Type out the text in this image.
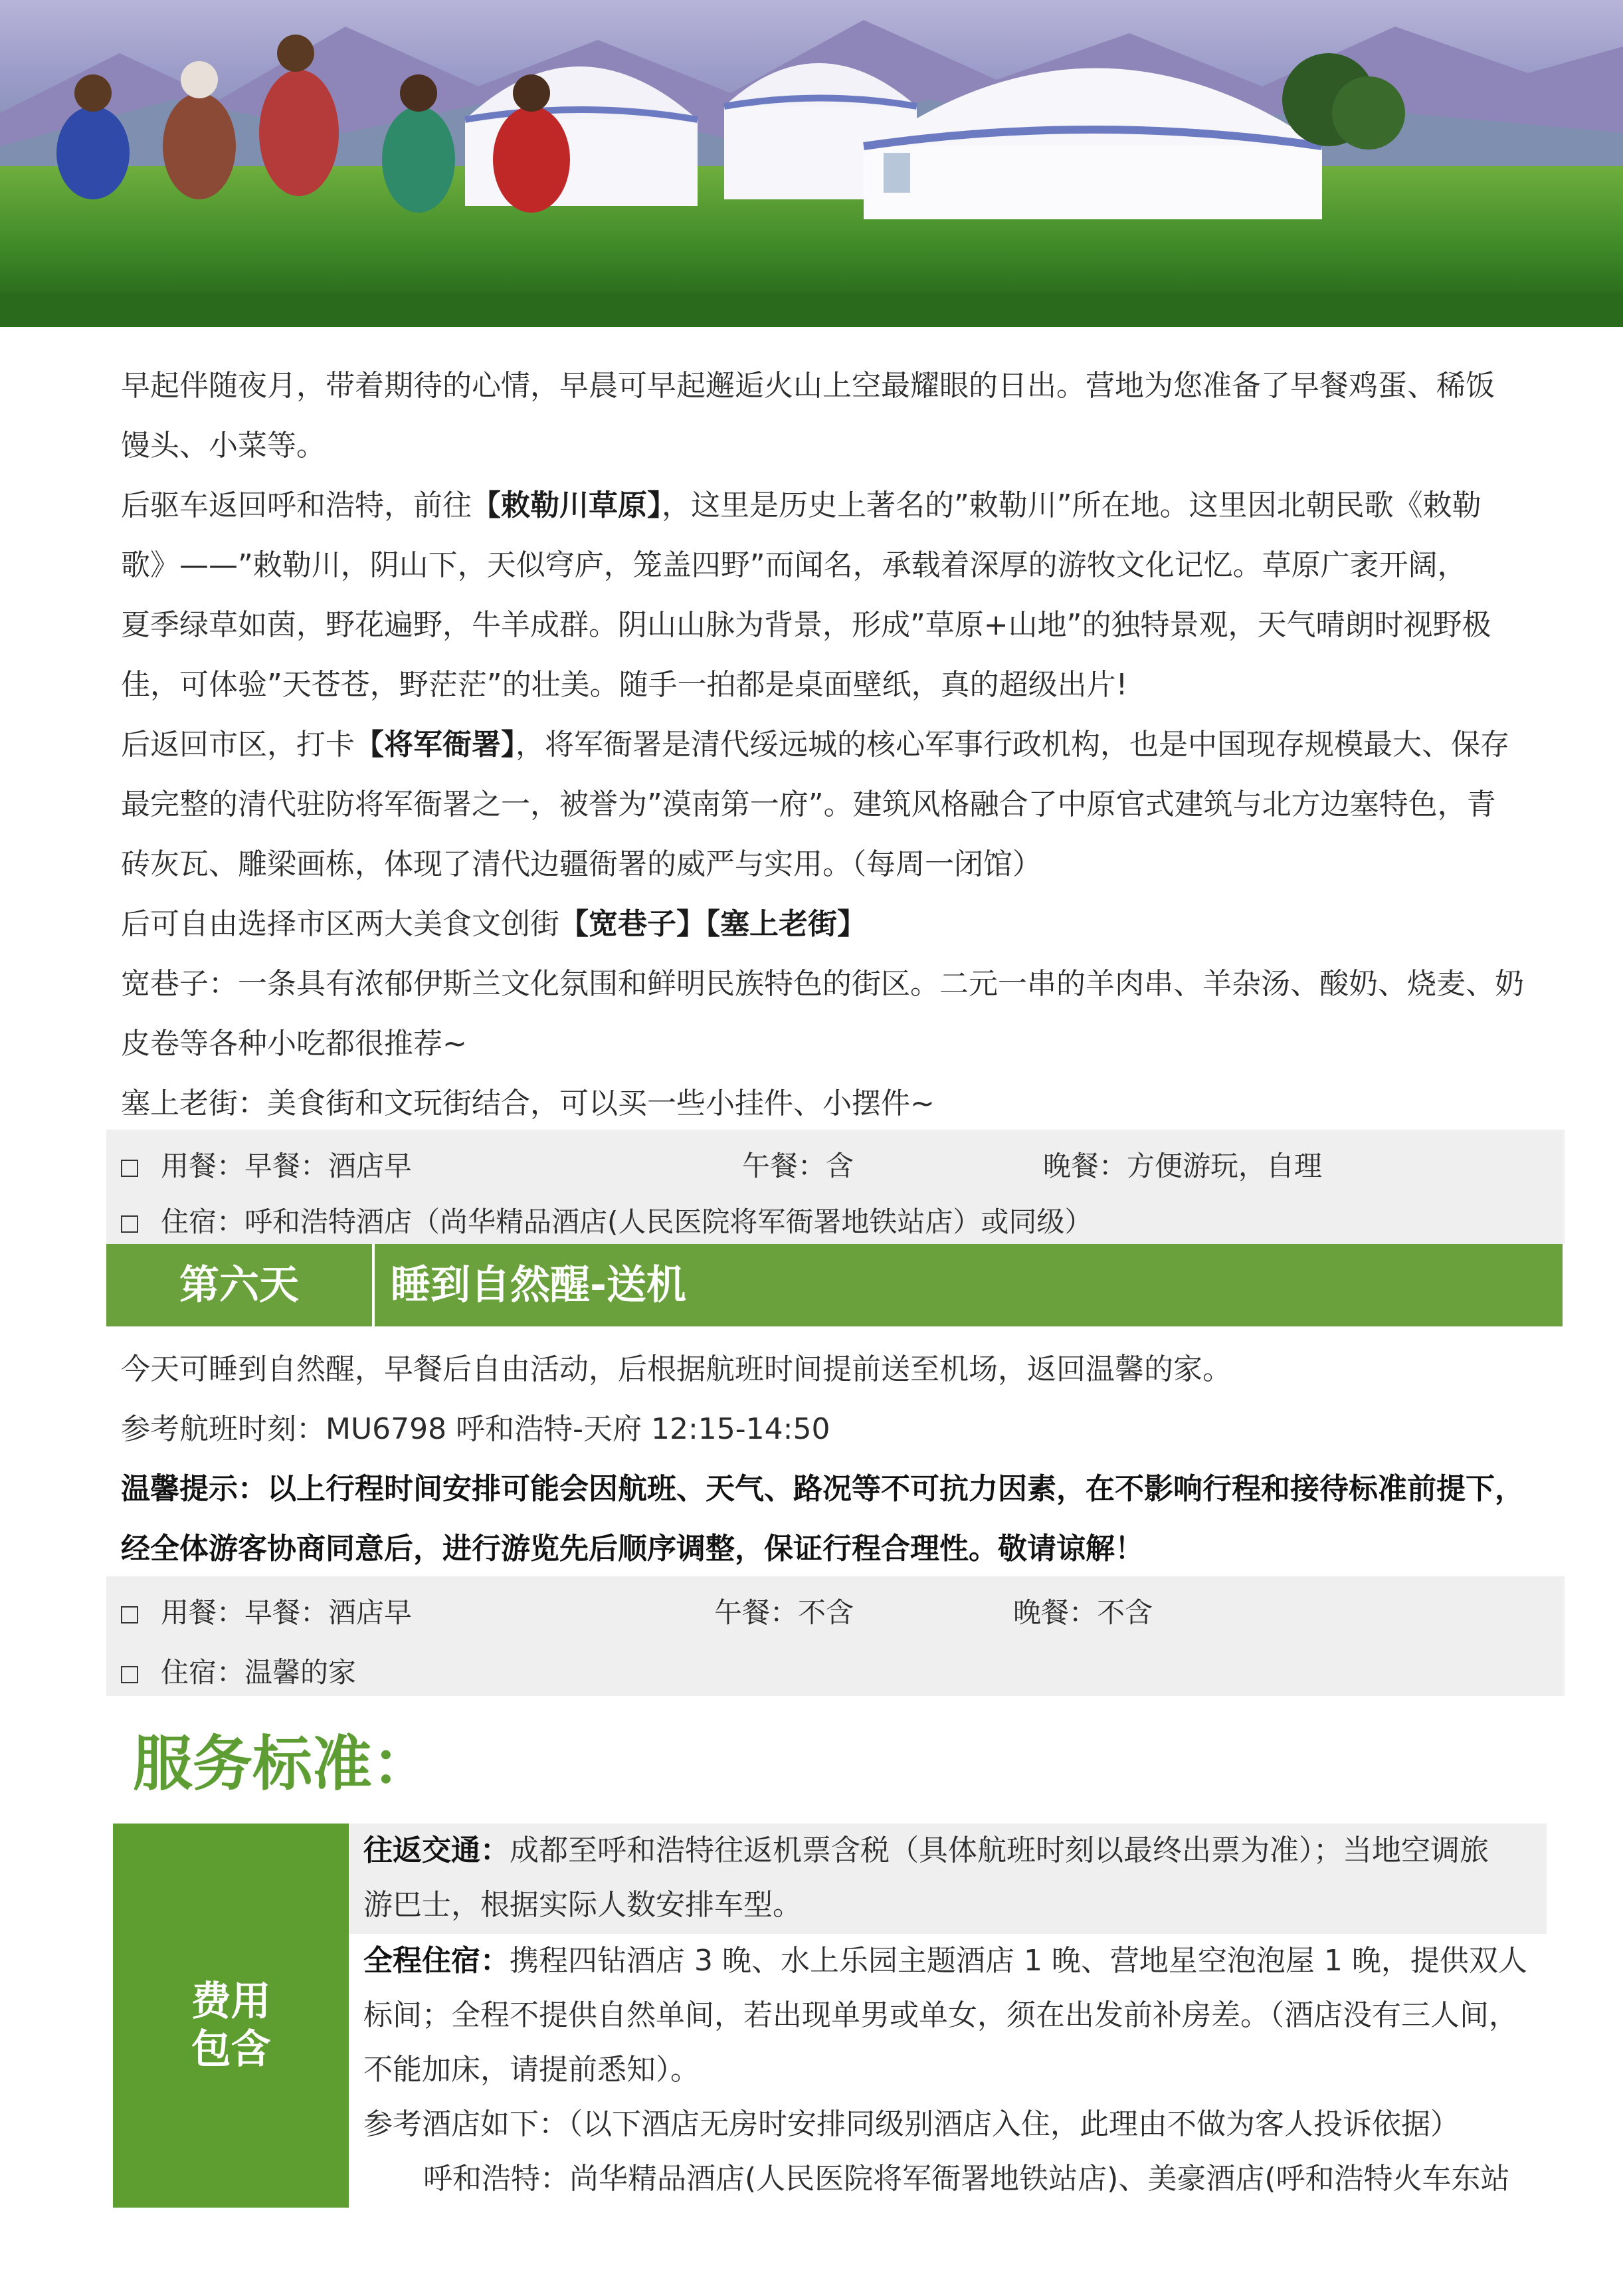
早起伴随夜月，带着期待的心情，早晨可早起邂逅火山上空最耀眼的日出。营地为您准备了早餐鸡蛋、稀饭
馒头、小菜等。
后驱车返回呼和浩特，前往【敕勒川草原】，这里是历史上著名的”敕勒川”所在地。这里因北朝民歌《敕勒
歌》——”敕勒川，阴山下，天似穹庐，笼盖四野”而闻名，承载着深厚的游牧文化记忆。草原广袤开阔，
夏季绿草如茵，野花遍野，牛羊成群。阴山山脉为背景，形成”草原+山地”的独特景观，天气晴朗时视野极
佳，可体验”天苍苍，野茫茫”的壮美。随手一拍都是桌面壁纸，真的超级出片!
后返回市区，打卡【将军衙署】，将军衙署是清代绥远城的核心军事行政机构，也是中国现存规模最大、保存
最完整的清代驻防将军衙署之一，被誉为”漠南第一府”。建筑风格融合了中原官式建筑与北方边塞特色，青
砖灰瓦、雕梁画栋，体现了清代边疆衙署的威严与实用。（每周一闭馆）
后可自由选择市区两大美食文创街【宽巷子】【塞上老街】
宽巷子：一条具有浓郁伊斯兰文化氛围和鲜明民族特色的街区。二元一串的羊肉串、羊杂汤、酸奶、烧麦、奶
皮卷等各种小吃都很推荐~
塞上老街：美食街和文玩街结合，可以买一些小挂件、小摆件~
用餐：早餐：酒店早	午餐：含	晚餐：方便游玩，自理
住宿：呼和浩特酒店（尚华精品酒店(人民医院将军衙署地铁站店）或同级）
第六天	睡到自然醒-送机
今天可睡到自然醒，早餐后自由活动，后根据航班时间提前送至机场，返回温馨的家。
参考航班时刻：MU6798 呼和浩特-天府 12:15-14:50
温馨提示：以上行程时间安排可能会因航班、天气、路况等不可抗力因素，在不影响行程和接待标准前提下，
经全体游客协商同意后，进行游览先后顺序调整，保证行程合理性。敬请谅解！
用餐：早餐：酒店早	午餐：不含	晚餐：不含
住宿：温馨的家
服务标准：
费用
包含
往返交通：成都至呼和浩特往返机票含税（具体航班时刻以最终出票为准）；当地空调旅
游巴士，根据实际人数安排车型。
全程住宿：携程四钻酒店 3 晚、水上乐园主题酒店 1 晚、营地星空泡泡屋 1 晚，提供双人
标间；全程不提供自然单间，若出现单男或单女，须在出发前补房差。（酒店没有三人间，
不能加床，请提前悉知）。
参考酒店如下：（以下酒店无房时安排同级别酒店入住，此理由不做为客人投诉依据）
呼和浩特：尚华精品酒店(人民医院将军衙署地铁站店)、美豪酒店(呼和浩特火车东站
